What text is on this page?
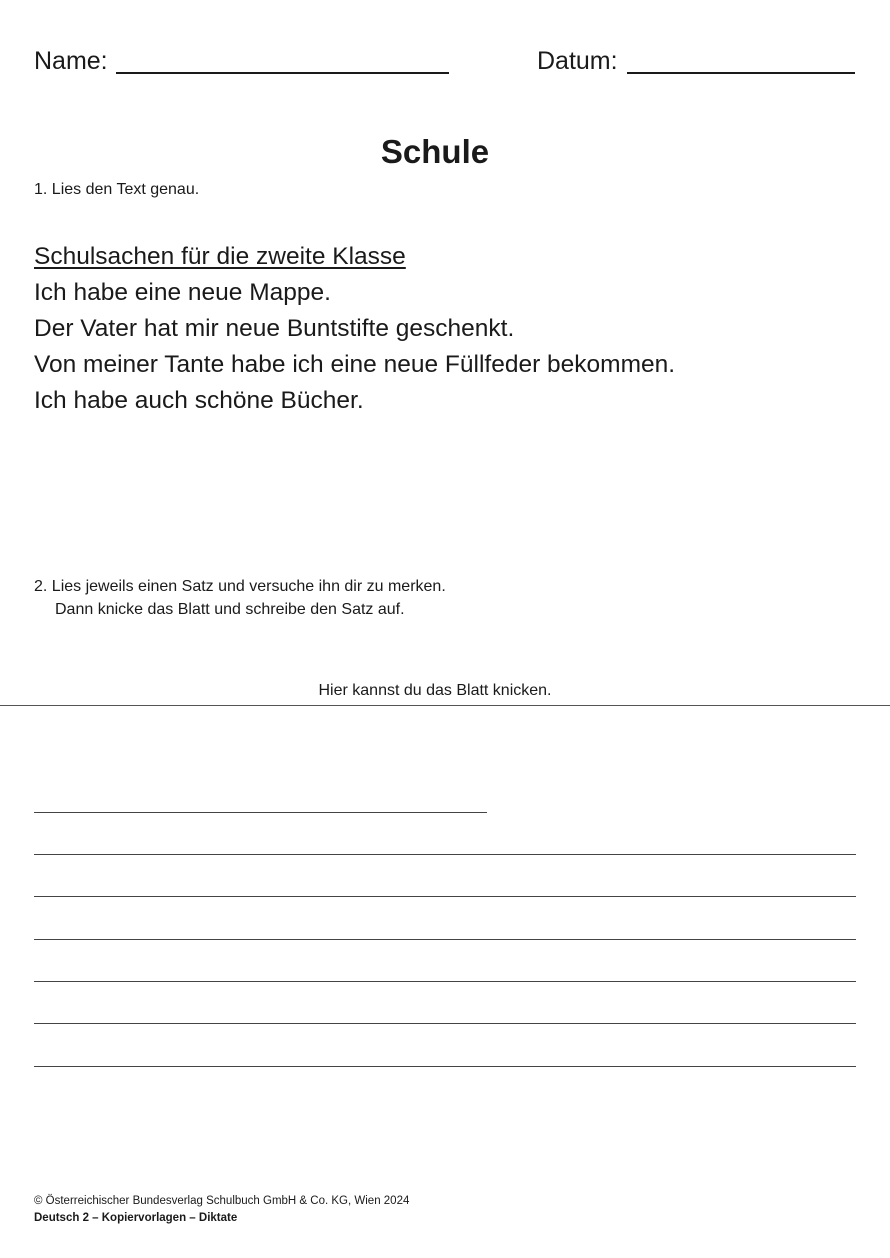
Name:	Datum:
Schule
1. Lies den Text genau.
Schulsachen für die zweite Klasse
Ich habe eine neue Mappe.
Der Vater hat mir neue Buntstifte geschenkt.
Von meiner Tante habe ich eine neue Füllfeder bekommen.
Ich habe auch schöne Bücher.
2. Lies jeweils einen Satz und versuche ihn dir zu merken.
Dann knicke das Blatt und schreibe den Satz auf.
Hier kannst du das Blatt knicken.
© Österreichischer Bundesverlag Schulbuch GmbH & Co. KG, Wien 2024
Deutsch 2 – Kopiervorlagen – Diktate
